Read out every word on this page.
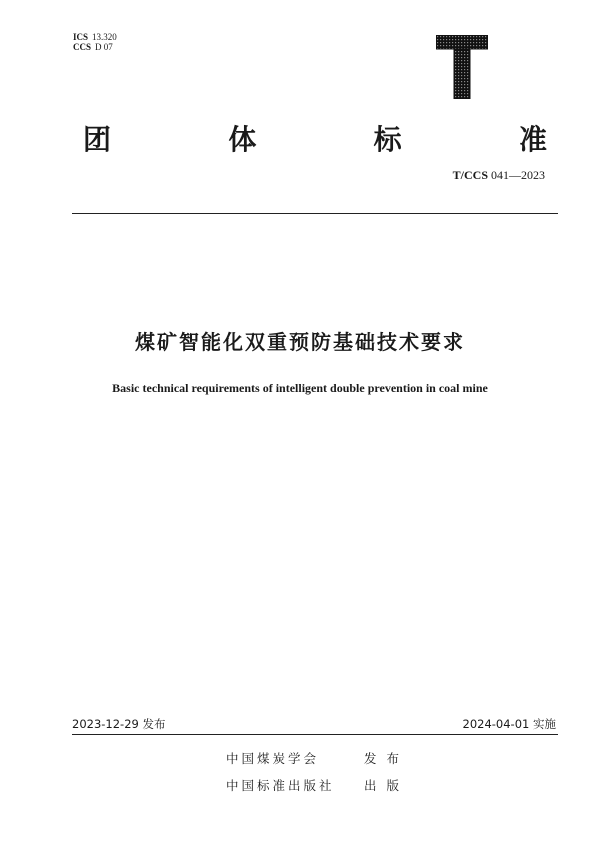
ICS 13.320
CCS D 07
团	体	标	准
T/CCS 041—2023
煤矿智能化双重预防基础技术要求
Basic technical requirements of intelligent double prevention in coal mine
2023-12-29 发布	2024-04-01 实施
中国煤炭学会	发布
中国标准出版社	出版
